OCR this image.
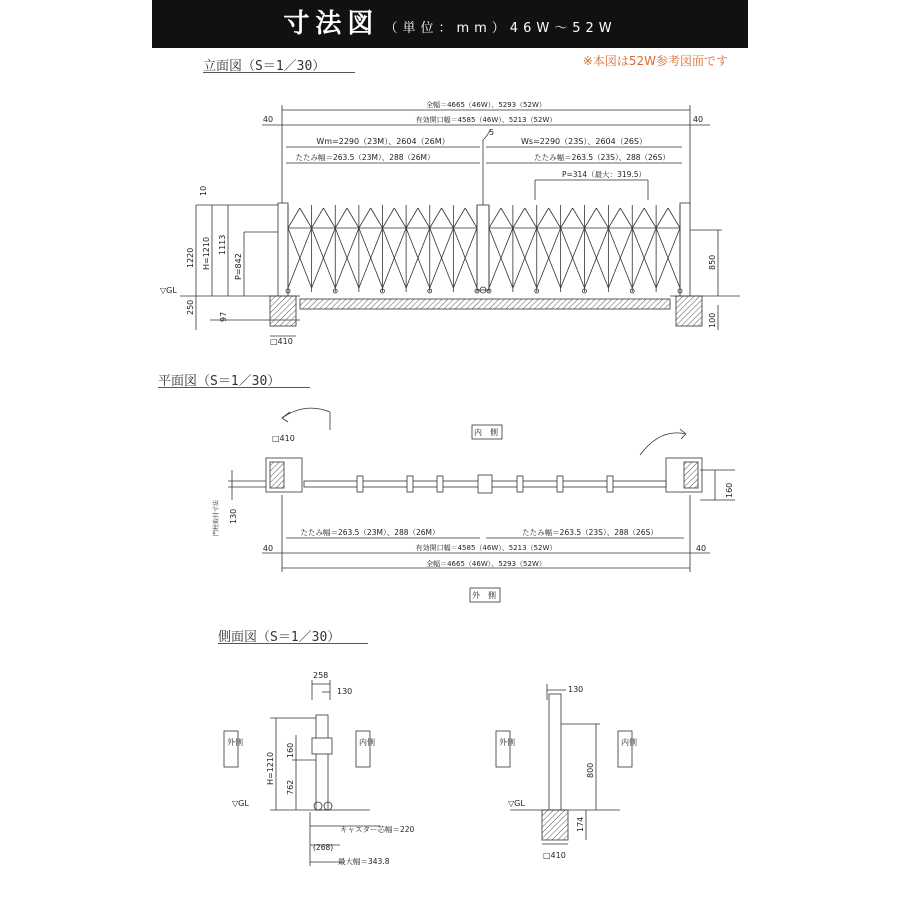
寸法図 （単位：mm）46W～52W
※本図は52W参考図面です
立面図（S＝1／30）
平面図（S＝1／30）
側面図（S＝1／30）
全幅＝4665（46W）、5293（52W）
有効開口幅＝4585（46W）、5213（52W）
40	40
Wm=2290（23M）、2604（26M）	Ws=2290（23S）、2604（26S）
たたみ幅＝263.5（23M）、288（26M）	たたみ幅＝263.5（23S）、288（26S）
P=314（最大：319.5）
5
10
1220 H=1210 1113
P=842	850
▽GL
250
97	100
□410
□410
内　側
外　側
160
130
門柱取付寸法	たたみ幅＝263.5（23M）、288（26M）	たたみ幅＝263.5（23S）、288（26S）
40	40
有効開口幅＝4585（46W）、5213（52W）
全幅＝4665（46W）、5293（52W）
258
130	130
外側	内側	外側	内側
H=1210
160
762
800
174
▽GL	▽GL
キャスター芯幅＝220
(268)
最大幅＝343.8
□410
